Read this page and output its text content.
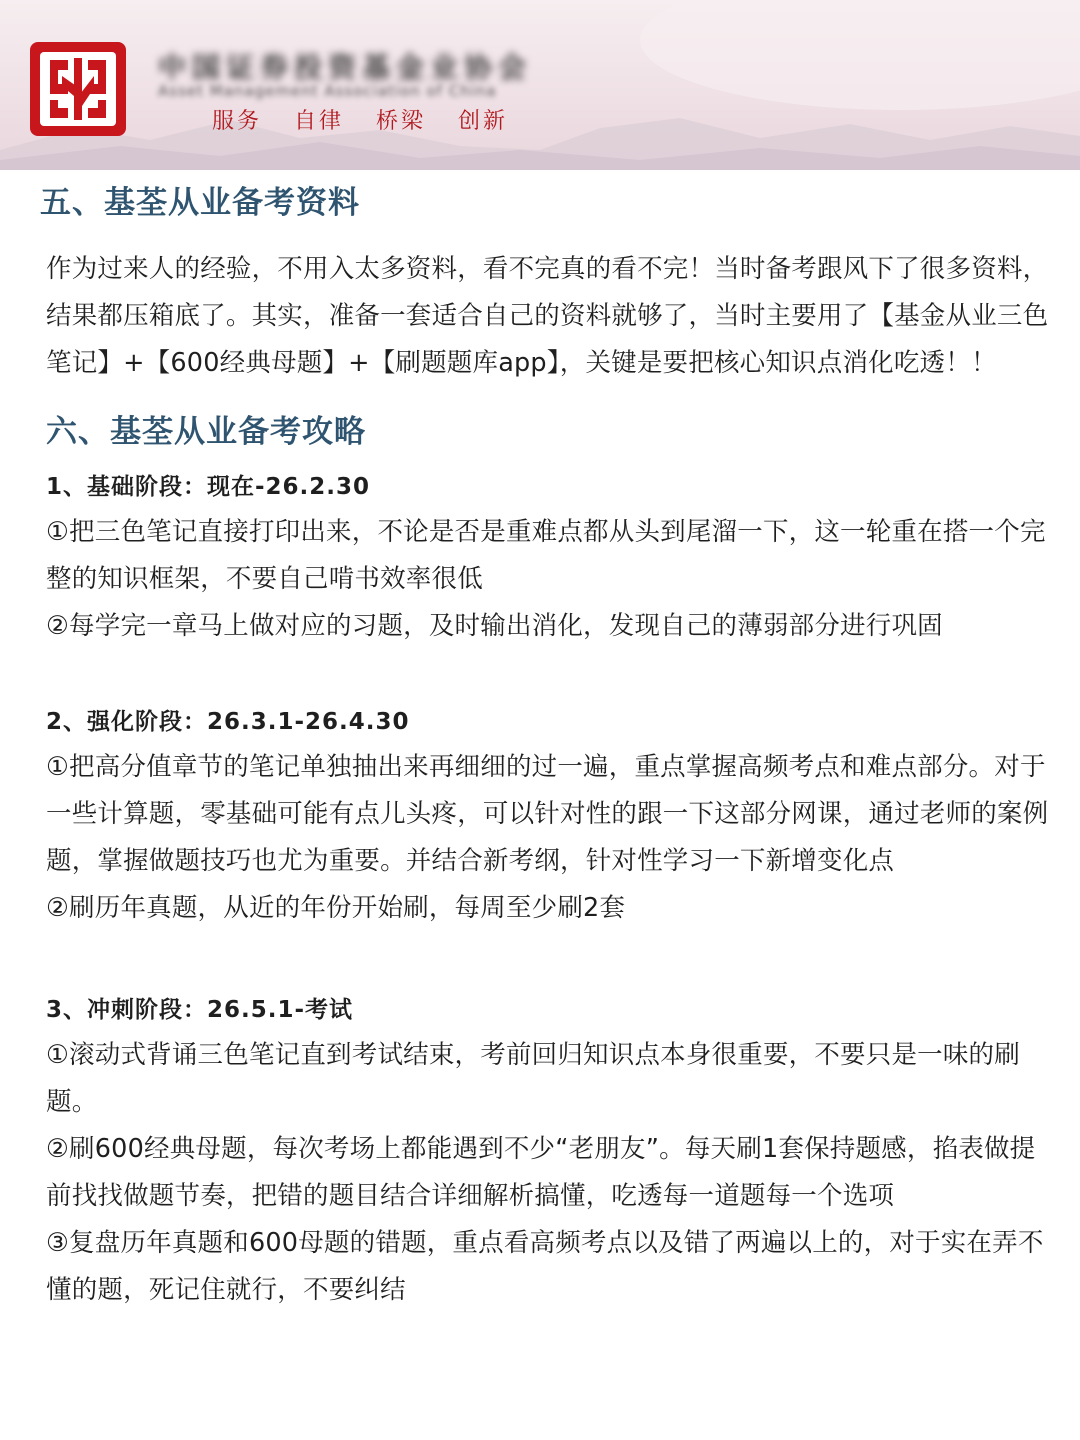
中国证券投资基金业协会
Asset Management Association of China
服务 自律 桥梁 创新
五、基荃从业备考资料

作为过来人的经验，不用入太多资料，看不完真的看不完！当时备考跟风下了很多资料，结果都压箱底了。其实，准备一套适合自己的资料就够了，当时主要用了【基金从业三色笔记】+【600经典母题】+【刷题题库app】，关键是要把核心知识点消化吃透！！

六、基荃从业备考攻略

1、基础阶段：现在-26.2.30

①把三色笔记直接打印出来，不论是否是重难点都从头到尾溜一下，这一轮重在搭一个完整的知识框架，不要自己啃书效率很低

②每学完一章马上做对应的习题，及时输出消化，发现自己的薄弱部分进行巩固

2、强化阶段：26.3.1-26.4.30

①把高分值章节的笔记单独抽出来再细细的过一遍，重点掌握高频考点和难点部分。对于一些计算题，零基础可能有点儿头疼，可以针对性的跟一下这部分网课，通过老师的案例题，掌握做题技巧也尤为重要。并结合新考纲，针对性学习一下新增变化点

②刷历年真题，从近的年份开始刷，每周至少刷2套

3、冲刺阶段：26.5.1-考试

①滚动式背诵三色笔记直到考试结束，考前回归知识点本身很重要，不要只是一味的刷题。

②刷600经典母题，每次考场上都能遇到不少“老朋友”。每天刷1套保持题感，掐表做提前找找做题节奏，把错的题目结合详细解析搞懂，吃透每一道题每一个选项

③复盘历年真题和600母题的错题，重点看高频考点以及错了两遍以上的，对于实在弄不懂的题，死记住就行，不要纠结
